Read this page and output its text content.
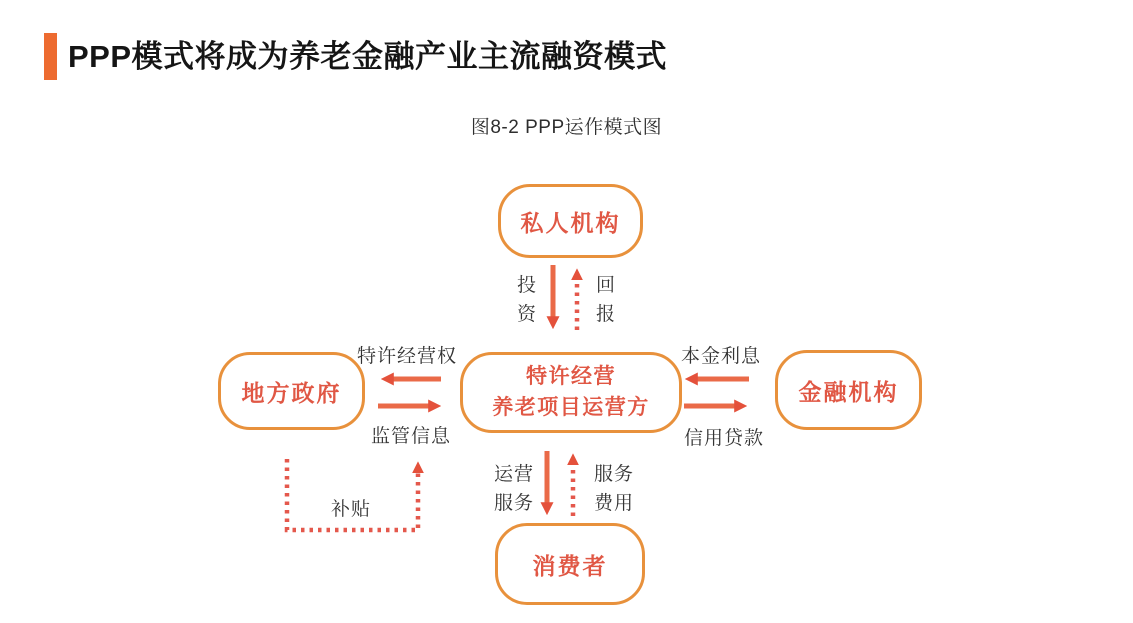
PPP模式将成为养老金融产业主流融资模式
图8-2 PPP运作模式图
私人机构
特许经营
养老项目运营方
地方政府	金融机构
消费者
投资
回报
特许经营权
监管信息
本金利息
信用贷款
运营服务
服务费用
补贴
